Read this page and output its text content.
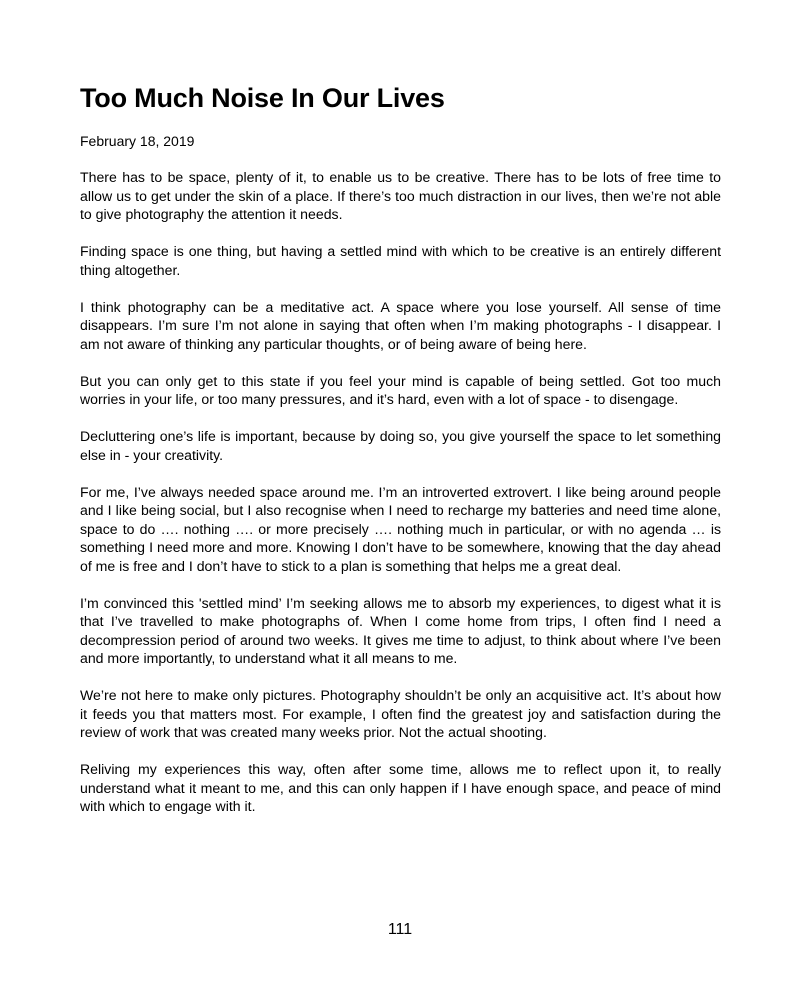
Too Much Noise In Our Lives

February 18, 2019

There has to be space, plenty of it, to enable us to be creative. There has to be lots of free time to allow us to get under the skin of a place. If there’s too much distraction in our lives, then we’re not able to give photography the attention it needs.

Finding space is one thing, but having a settled mind with which to be creative is an entirely different thing altogether.

I think photography can be a meditative act. A space where you lose yourself. All sense of time disappears. I’m sure I’m not alone in saying that often when I’m making photographs - I disappear. I am not aware of thinking any particular thoughts, or of being aware of being here.

But you can only get to this state if you feel your mind is capable of being settled. Got too much worries in your life, or too many pressures, and it’s hard, even with a lot of space - to disengage.

Decluttering one’s life is important, because by doing so, you give yourself the space to let something else in - your creativity.

For me, I’ve always needed space around me. I’m an introverted extrovert. I like being around people and I like being social, but I also recognise when I need to recharge my batteries and need time alone, space to do …. nothing …. or more precisely …. nothing much in particular, or with no agenda … is something I need more and more. Knowing I don’t have to be somewhere, knowing that the day ahead of me is free and I don’t have to stick to a plan is something that helps me a great deal.

I’m convinced this 'settled mind’ I’m seeking allows me to absorb my experiences, to digest what it is that I’ve travelled to make photographs of. When I come home from trips, I often find I need a decompression period of around two weeks. It gives me time to adjust, to think about where I’ve been and more importantly, to understand what it all means to me.

We’re not here to make only pictures. Photography shouldn’t be only an acquisitive act. It’s about how it feeds you that matters most. For example, I often find the greatest joy and satisfaction during the review of work that was created many weeks prior. Not the actual shooting.

Reliving my experiences this way, often after some time, allows me to reflect upon it, to really understand what it meant to me, and this can only happen if I have enough space, and peace of mind with which to engage with it.

111
